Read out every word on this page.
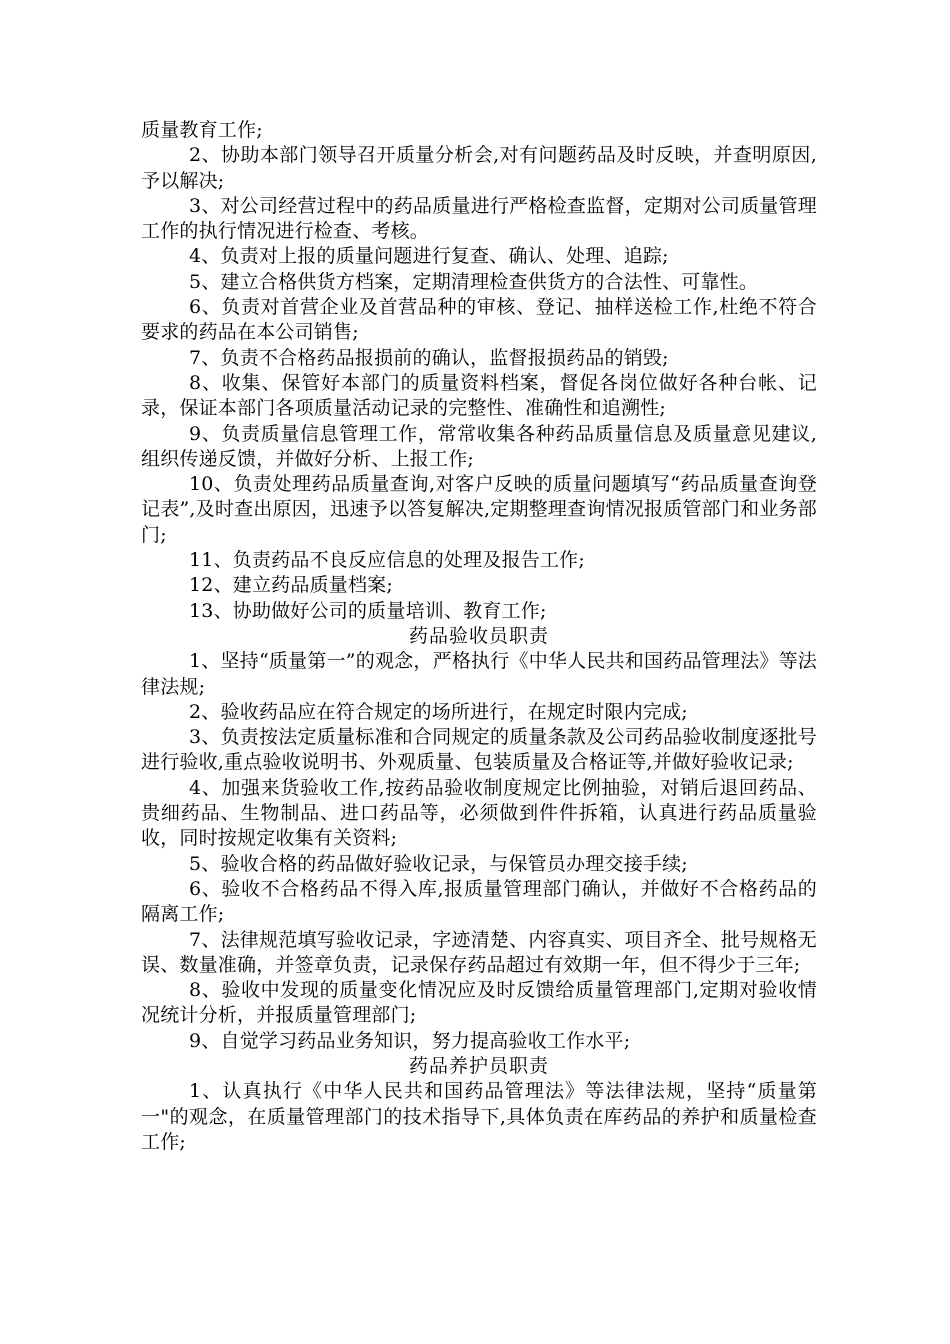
质量教育工作;

2、协助本部门领导召开质量分析会,对有问题药品及时反映，并查明原因,予以解决;

3、对公司经营过程中的药品质量进行严格检查监督，定期对公司质量管理工作的执行情况进行检查、考核。

4、负责对上报的质量问题进行复查、确认、处理、追踪;

5、建立合格供货方档案，定期清理检查供货方的合法性、可靠性。

6、负责对首营企业及首营品种的审核、登记、抽样送检工作,杜绝不符合要求的药品在本公司销售;

7、负责不合格药品报损前的确认，监督报损药品的销毁;

8、收集、保管好本部门的质量资料档案，督促各岗位做好各种台帐、记录，保证本部门各项质量活动记录的完整性、准确性和追溯性;

9、负责质量信息管理工作，常常收集各种药品质量信息及质量意见建议,组织传递反馈，并做好分析、上报工作;

10、负责处理药品质量查询,对客户反映的质量问题填写“药品质量查询登记表”,及时查出原因，迅速予以答复解决,定期整理查询情况报质管部门和业务部门;

11、负责药品不良反应信息的处理及报告工作;

12、建立药品质量档案;

13、协助做好公司的质量培训、教育工作;

药品验收员职责

1、坚持“质量第一”的观念，严格执行《中华人民共和国药品管理法》等法律法规;

2、验收药品应在符合规定的场所进行，在规定时限内完成;

3、负责按法定质量标准和合同规定的质量条款及公司药品验收制度逐批号进行验收,重点验收说明书、外观质量、包装质量及合格证等,并做好验收记录;

4、加强来货验收工作,按药品验收制度规定比例抽验，对销后退回药品、贵细药品、生物制品、进口药品等，必须做到件件拆箱，认真进行药品质量验收，同时按规定收集有关资料;

5、验收合格的药品做好验收记录，与保管员办理交接手续;

6、验收不合格药品不得入库,报质量管理部门确认，并做好不合格药品的隔离工作;

7、法律规范填写验收记录，字迹清楚、内容真实、项目齐全、批号规格无误、数量准确，并签章负责，记录保存药品超过有效期一年，但不得少于三年;

8、验收中发现的质量变化情况应及时反馈给质量管理部门,定期对验收情况统计分析，并报质量管理部门;

9、自觉学习药品业务知识，努力提高验收工作水平;

药品养护员职责

1、认真执行《中华人民共和国药品管理法》等法律法规，坚持“质量第一"的观念，在质量管理部门的技术指导下,具体负责在库药品的养护和质量检查工作;
